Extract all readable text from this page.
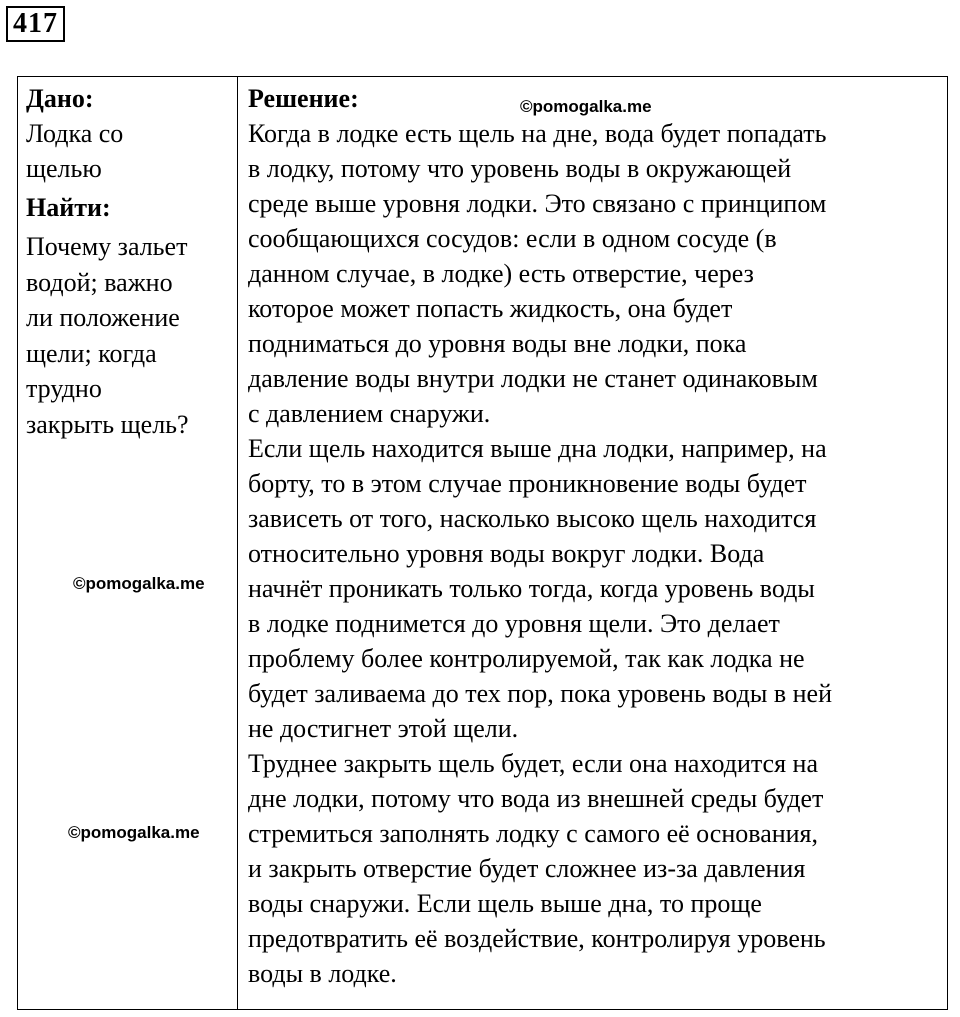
417
Дано:
Лодка со
щелью
Найти:
Почему зальет
водой; важно
ли положение
щели; когда
трудно
закрыть щель?
©pomogalka.me
©pomogalka.me
Решение:	©pomogalka.me
Когда в лодке есть щель на дне, вода будет попадать
в лодку, потому что уровень воды в окружающей
среде выше уровня лодки. Это связано с принципом
сообщающихся сосудов: если в одном сосуде (в
данном случае, в лодке) есть отверстие, через
которое может попасть жидкость, она будет
подниматься до уровня воды вне лодки, пока
давление воды внутри лодки не станет одинаковым
с давлением снаружи.
Если щель находится выше дна лодки, например, на
борту, то в этом случае проникновение воды будет
зависеть от того, насколько высоко щель находится
относительно уровня воды вокруг лодки. Вода
начнёт проникать только тогда, когда уровень воды
в лодке поднимется до уровня щели. Это делает
проблему более контролируемой, так как лодка не
будет заливаема до тех пор, пока уровень воды в ней
не достигнет этой щели.
Труднее закрыть щель будет, если она находится на
дне лодки, потому что вода из внешней среды будет
стремиться заполнять лодку с самого её основания,
и закрыть отверстие будет сложнее из-за давления
воды снаружи. Если щель выше дна, то проще
предотвратить её воздействие, контролируя уровень
воды в лодке.
